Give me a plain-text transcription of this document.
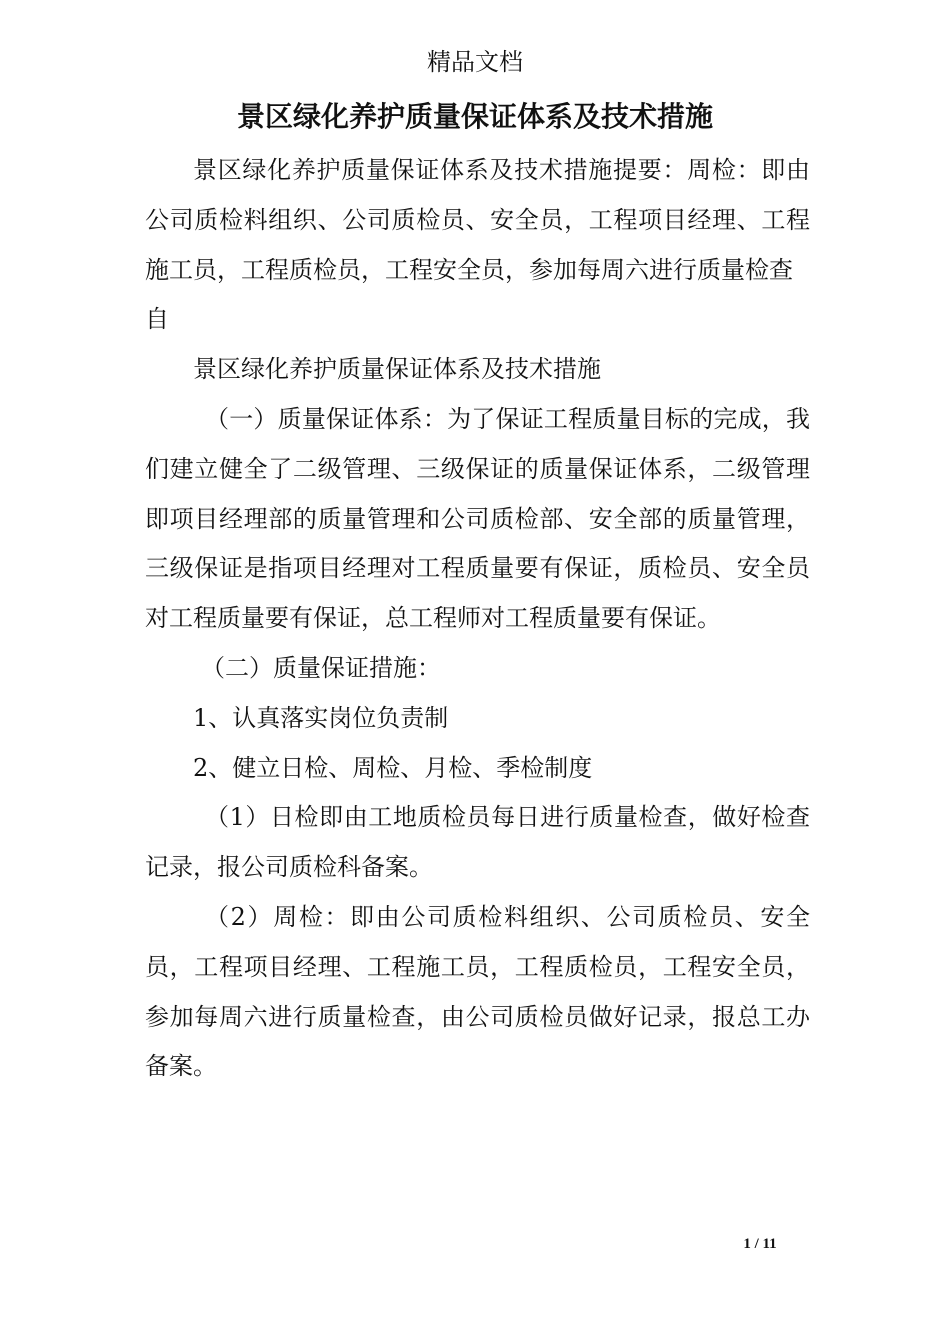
精品文档
景区绿化养护质量保证体系及技术措施

景区绿化养护质量保证体系及技术措施提要：周检：即由公司质检料组织、公司质检员、安全员，工程项目经理、工程施工员，工程质检员，工程安全员，参加每周六进行质量检查

自

景区绿化养护质量保证体系及技术措施

（一）质量保证体系：为了保证工程质量目标的完成，我们建立健全了二级管理、三级保证的质量保证体系，二级管理即项目经理部的质量管理和公司质检部、安全部的质量管理，三级保证是指项目经理对工程质量要有保证，质检员、安全员对工程质量要有保证，总工程师对工程质量要有保证。

（二）质量保证措施：

1、认真落实岗位负责制

2、健立日检、周检、月检、季检制度

（1）日检即由工地质检员每日进行质量检查，做好检查记录，报公司质检科备案。

（2）周检：即由公司质检料组织、公司质检员、安全员，工程项目经理、工程施工员，工程质检员，工程安全员，参加每周六进行质量检查，由公司质检员做好记录，报总工办备案。

1 / 11
